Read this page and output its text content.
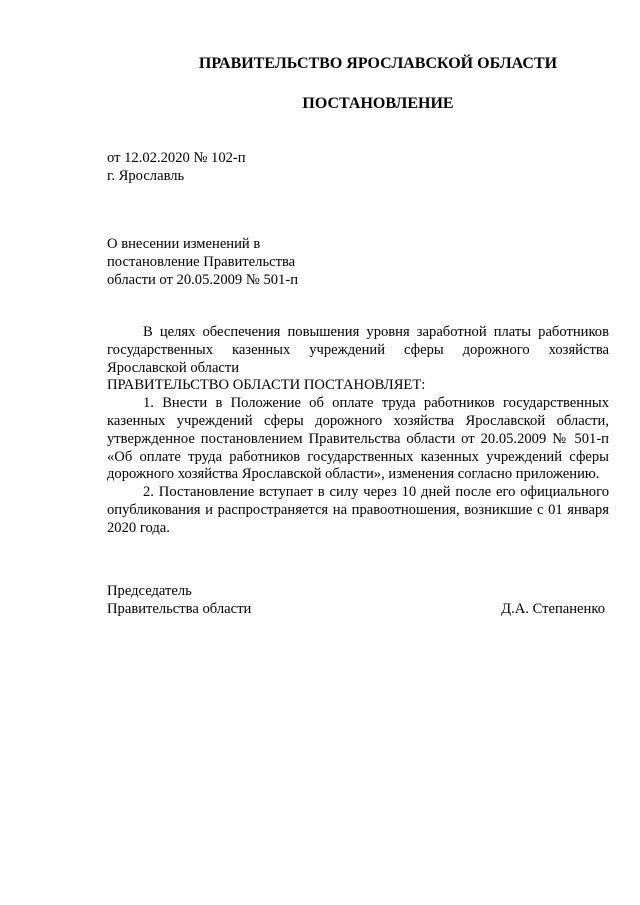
ПРАВИТЕЛЬСТВО ЯРОСЛАВСКОЙ ОБЛАСТИ
ПОСТАНОВЛЕНИЕ
от 12.02.2020 № 102-п
г. Ярославль
О внесении изменений в
постановление Правительства
области от 20.05.2009 № 501-п

В целях обеспечения повышения уровня заработной платы работников государственных казенных учреждений сферы дорожного хозяйства Ярославской области

ПРАВИТЕЛЬСТВО ОБЛАСТИ ПОСТАНОВЛЯЕТ:

1. Внести в Положение об оплате труда работников государственных казенных учреждений сферы дорожного хозяйства Ярославской области, утвержденное постановлением Правительства области от 20.05.2009 № 501-п «Об оплате труда работников государственных казенных учреждений сферы дорожного хозяйства Ярославской области», изменения согласно приложению.

2. Постановление вступает в силу через 10 дней после его официального опубликования и распространяется на правоотношения, возникшие с 01 января 2020 года.

Председатель
Правительства области	Д.А. Степаненко
